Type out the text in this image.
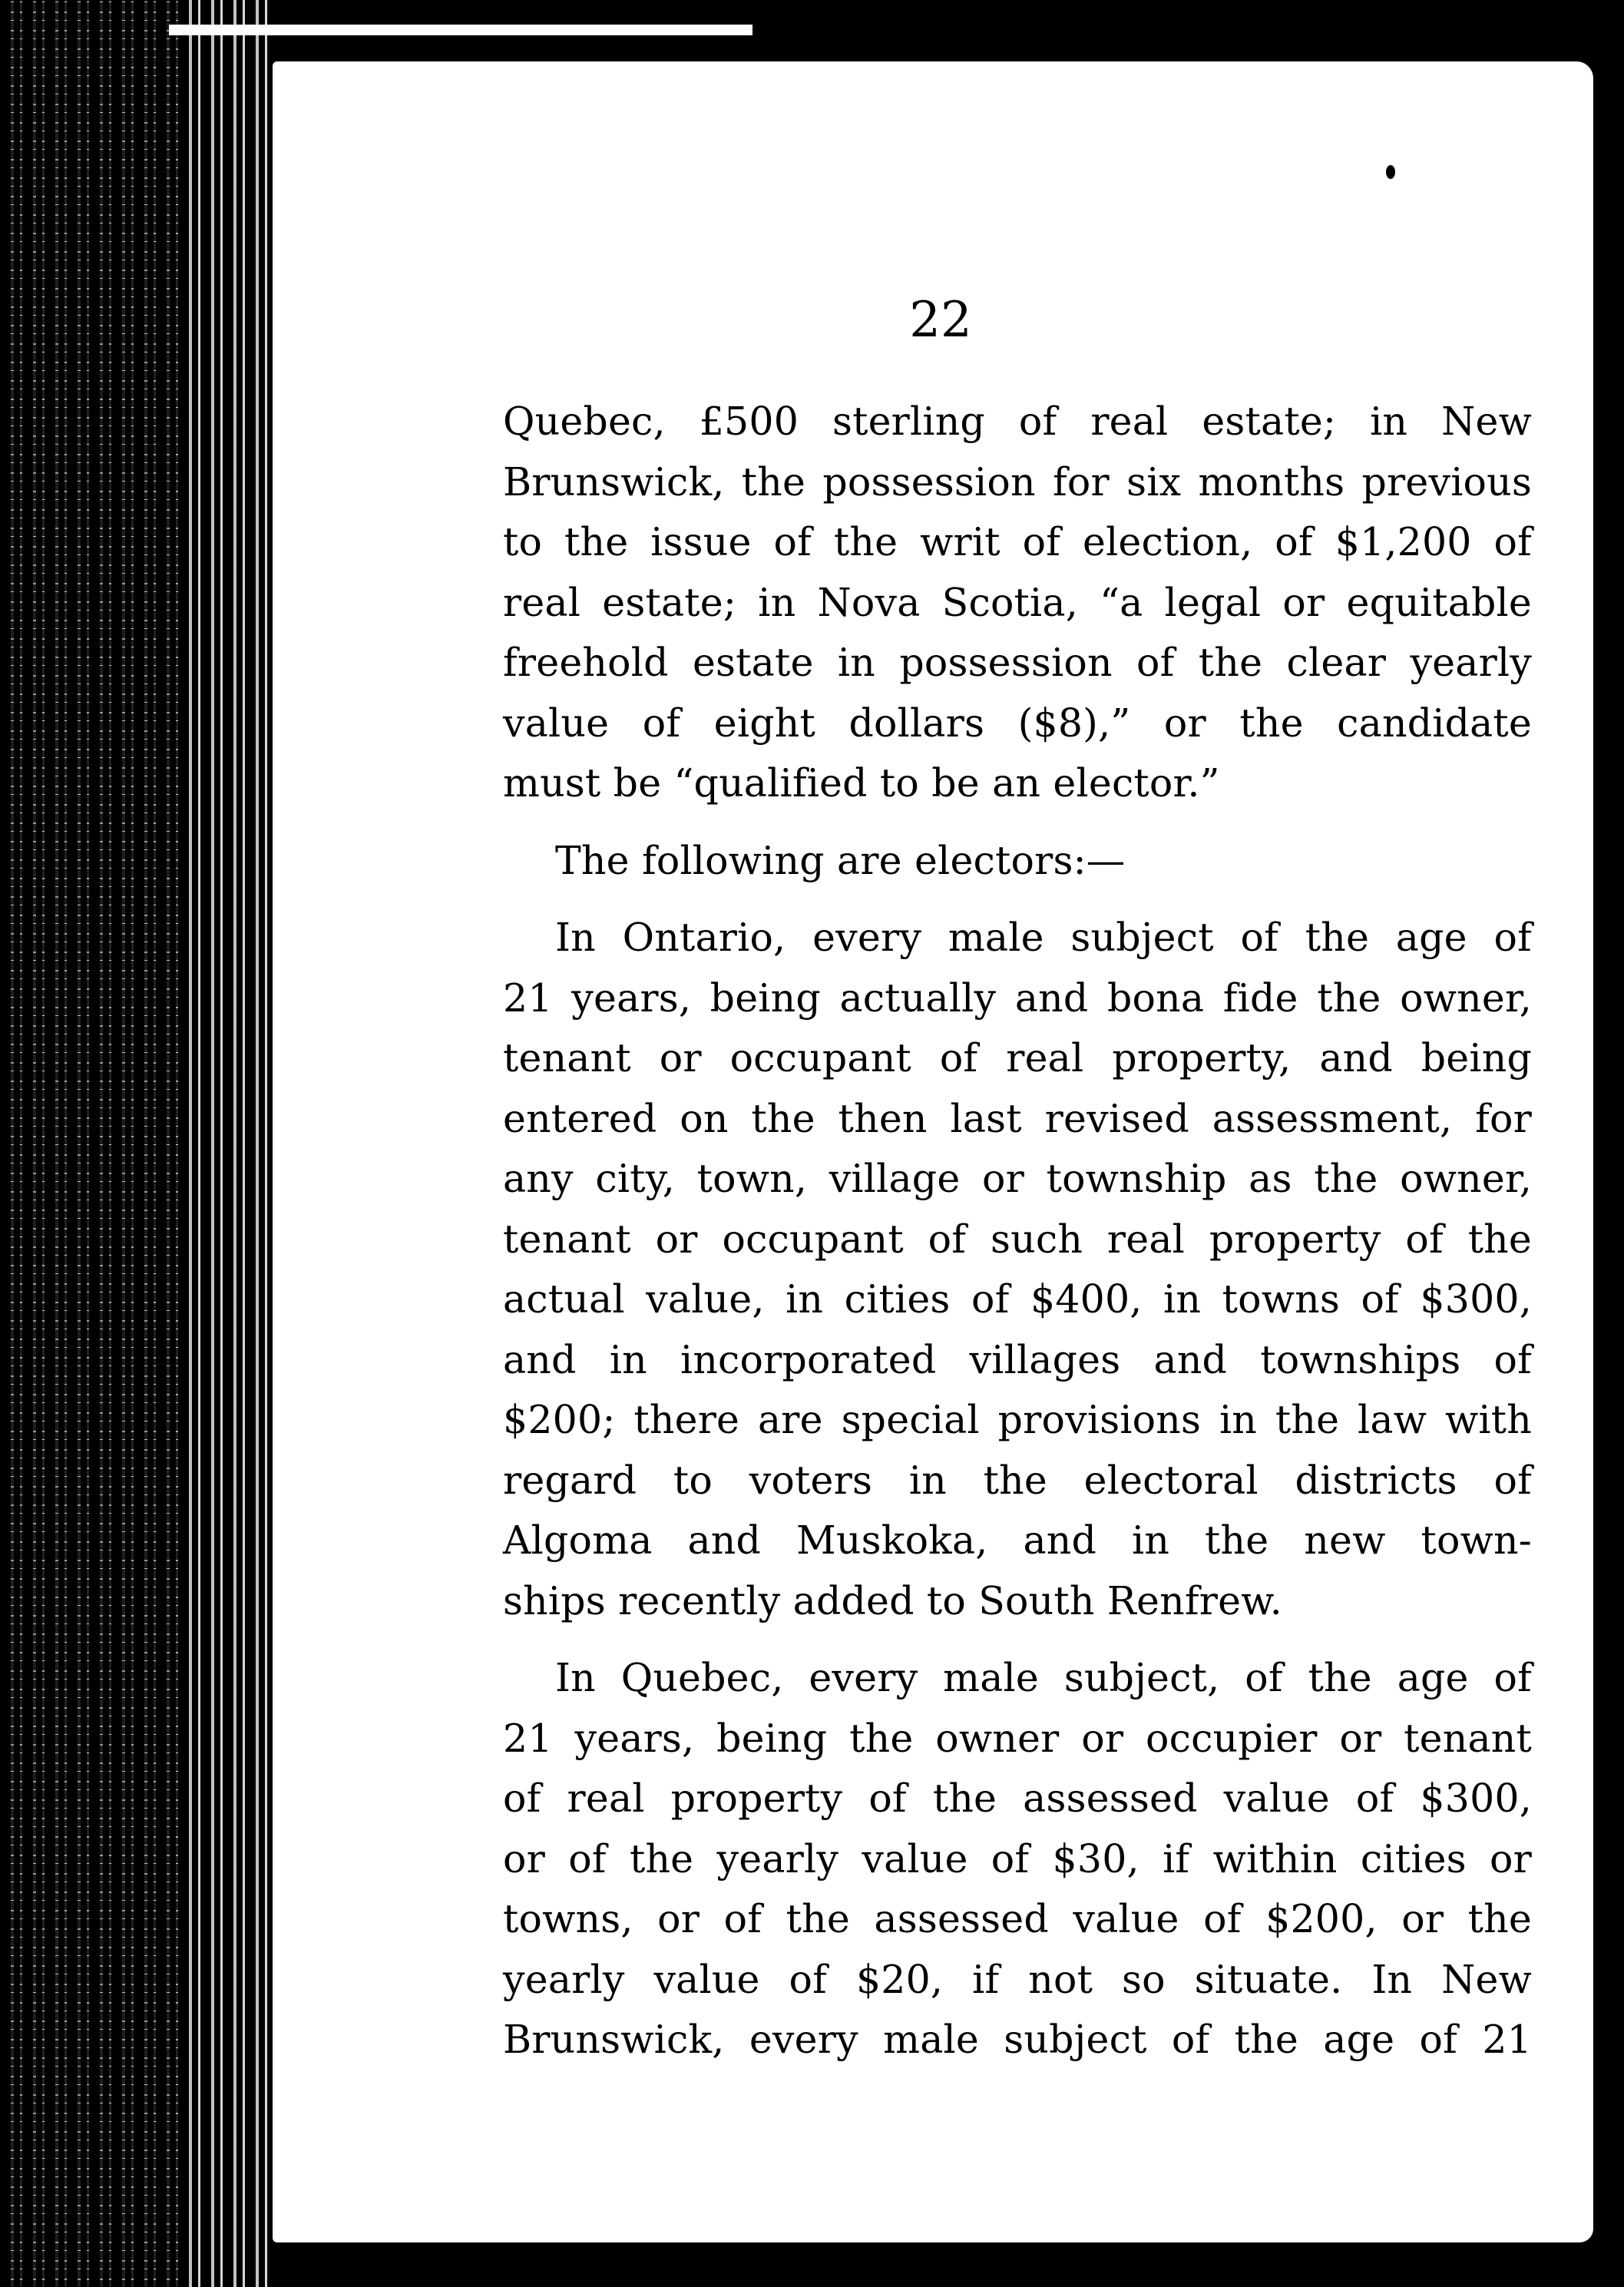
22

Quebec, £500 sterling of real estate; in New
Brunswick, the possession for six months previous
to the issue of the writ of election, of $1,200 of
real estate; in Nova Scotia, “a legal or equitable
freehold estate in possession of the clear yearly
value of eight dollars ($8),” or the candidate
must be “qualified to be an elector.”
The following are electors:—
In Ontario, every male subject of the age of
21 years, being actually and bona fide the owner,
tenant or occupant of real property, and being
entered on the then last revised assessment, for
any city, town, village or township as the owner,
tenant or occupant of such real property of the
actual value, in cities of $400, in towns of $300,
and in incorporated villages and townships of
$200; there are special provisions in the law with
regard to voters in the electoral districts of
Algoma and Muskoka, and in the new town-
ships recently added to South Renfrew.
In Quebec, every male subject, of the age of
21 years, being the owner or occupier or tenant
of real property of the assessed value of $300,
or of the yearly value of $30, if within cities or
towns, or of the assessed value of $200, or the
yearly value of $20, if not so situate. In New
Brunswick, every male subject of the age of 21
